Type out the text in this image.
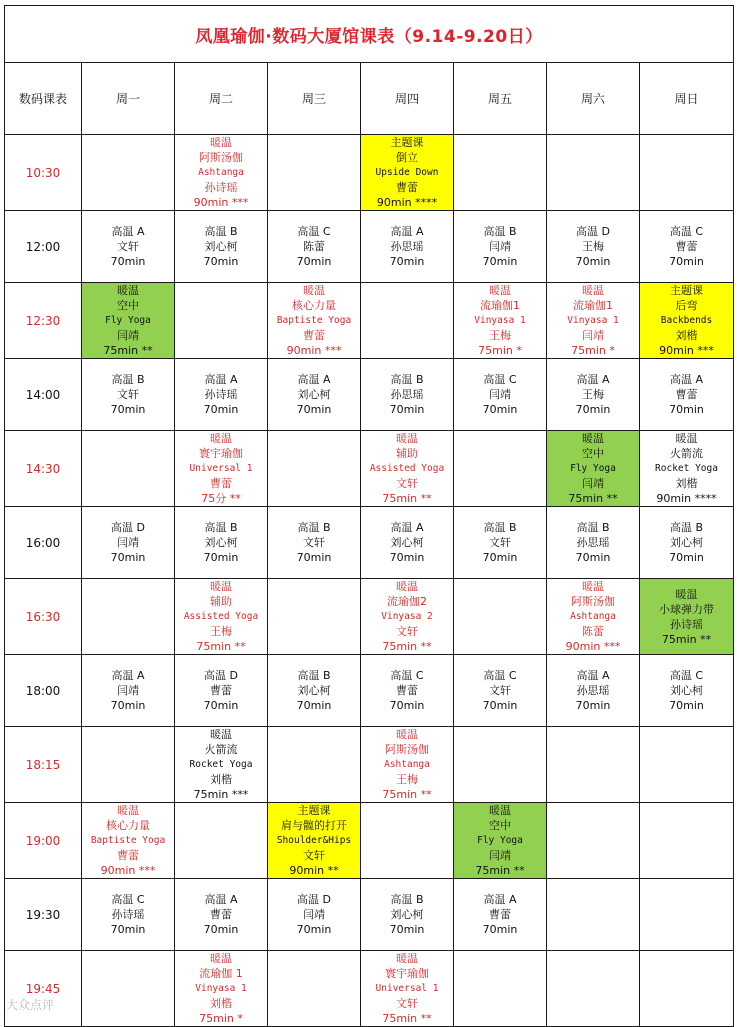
凤凰瑜伽·数码大厦馆课表（9.14-9.20日）							
数码课表	周一	周二	周三	周四	周五	周六	周日
10:30		暖温
阿斯汤伽
Ashtanga
孙诗瑶
90min ***		主题课
倒立
Upside Down
曹蕾
90min ****			

12:00	高温 A
文轩
70min	高温 B
刘心柯
70min	高温 C
陈蕾
70min	高温 A
孙思瑶
70min	高温 B
闫靖
70min	高温 D
王梅
70min	高温 C
曹蕾
70min

12:30	暖温
空中
Fly Yoga
闫靖
75min **		暖温
核心力量
Baptiste Yoga
曹蕾
90min ***		暖温
流瑜伽1
Vinyasa 1
王梅
75min *	暖温
流瑜伽1
Vinyasa 1
闫靖
75min *	主题课
后弯
Backbends
刘楷
90min ***

14:00	高温 B
文轩
70min	高温 A
孙诗瑶
70min	高温 A
刘心柯
70min	高温 B
孙思瑶
70min	高温 C
闫靖
70min	高温 A
王梅
70min	高温 A
曹蕾
70min

14:30		暖温
寰宇瑜伽
Universal 1
曹蕾
75分 **		暖温
辅助
Assisted Yoga
文轩
75min **		暖温
空中
Fly Yoga
闫靖
75min **	暖温
火箭流
Rocket Yoga
刘楷
90min ****

16:00	高温 D
闫靖
70min	高温 B
刘心柯
70min	高温 B
文轩
70min	高温 A
刘心柯
70min	高温 B
文轩
70min	高温 B
孙思瑶
70min	高温 B
刘心柯
70min

16:30		暖温
辅助
Assisted Yoga
王梅
75min **		暖温
流瑜伽2
Vinyasa 2
文轩
75min **		暖温
阿斯汤伽
Ashtanga
陈蕾
90min ***	暖温
小球弹力带
孙诗瑶
75min **

18:00	高温 A
闫靖
70min	高温 D
曹蕾
70min	高温 B
刘心柯
70min	高温 C
曹蕾
70min	高温 C
文轩
70min	高温 A
孙思瑶
70min	高温 C
刘心柯
70min

18:15		暖温
火箭流
Rocket Yoga
刘楷
75min ***		暖温
阿斯汤伽
Ashtanga
王梅
75min **			

19:00	暖温
核心力量
Baptiste Yoga
曹蕾
90min ***		主题课
肩与髋的打开
Shoulder&Hips
文轩
90min **		暖温
空中
Fly Yoga
闫靖
75min **		

19:30	高温 C
孙诗瑶
70min	高温 A
曹蕾
70min	高温 D
闫靖
70min	高温 B
刘心柯
70min	高温 A
曹蕾
70min		

19:45		暖温
流瑜伽 1
Vinyasa 1
刘楷
75min *		暖温
寰宇瑜伽
Universal 1
文轩
75min **			

大众点评
